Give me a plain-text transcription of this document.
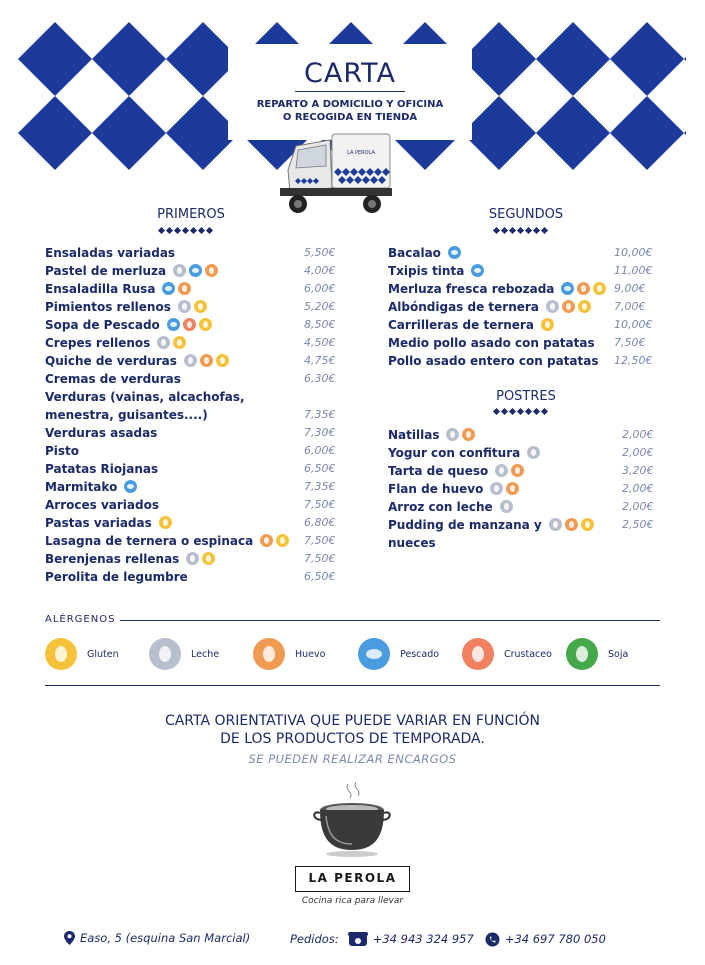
CARTA
REPARTO A DOMICILIO Y OFICINA
O RECOGIDA EN TIENDA
LA PEROLA
PRIMEROS	SEGUNDOS
POSTRES
Ensaladas variadas	5,50€
Pastel de merluza	4,00€
Ensaladilla Rusa	6,00€
Pimientos rellenos	5,20€
Sopa de Pescado	8,50€
Crepes rellenos	4,50€
Quiche de verduras	4,75€
Cremas de verduras	6,30€
Verduras (vainas, alcachofas,
menestra, guisantes....)	7,35€
Verduras asadas	7,30€
Pisto	6,00€
Patatas Riojanas	6,50€
Marmitako	7,35€
Arroces variados	7,50€
Pastas variadas	6,80€
Lasagna de ternera o espinaca	7,50€
Berenjenas rellenas	7,50€
Perolita de legumbre	6,50€
Bacalao	10,00€
Txipis tinta	11,00€
Merluza fresca rebozada	9,00€
Albóndigas de ternera	7,00€
Carrilleras de ternera	10,00€
Medio pollo asado con patatas 7,50€
Pollo asado entero con patatas 12,50€
Natillas	2,00€
Yogur con confitura	2,00€
Tarta de queso	3,20€
Flan de huevo	2,00€
Arroz con leche	2,00€
Pudding de manzana y	2,50€
nueces
ALÉRGENOS
Gluten	Leche	Huevo	Pescado	Crustaceo	Soja
CARTA ORIENTATIVA QUE PUEDE VARIAR EN FUNCIÓN
DE LOS PRODUCTOS DE TEMPORADA.
SE PUEDEN REALIZAR ENCARGOS
LA PEROLA
Cocina rica para llevar
Easo, 5 (esquina San Marcial)	Pedidos:	+34 943 324 957	+34 697 780 050
